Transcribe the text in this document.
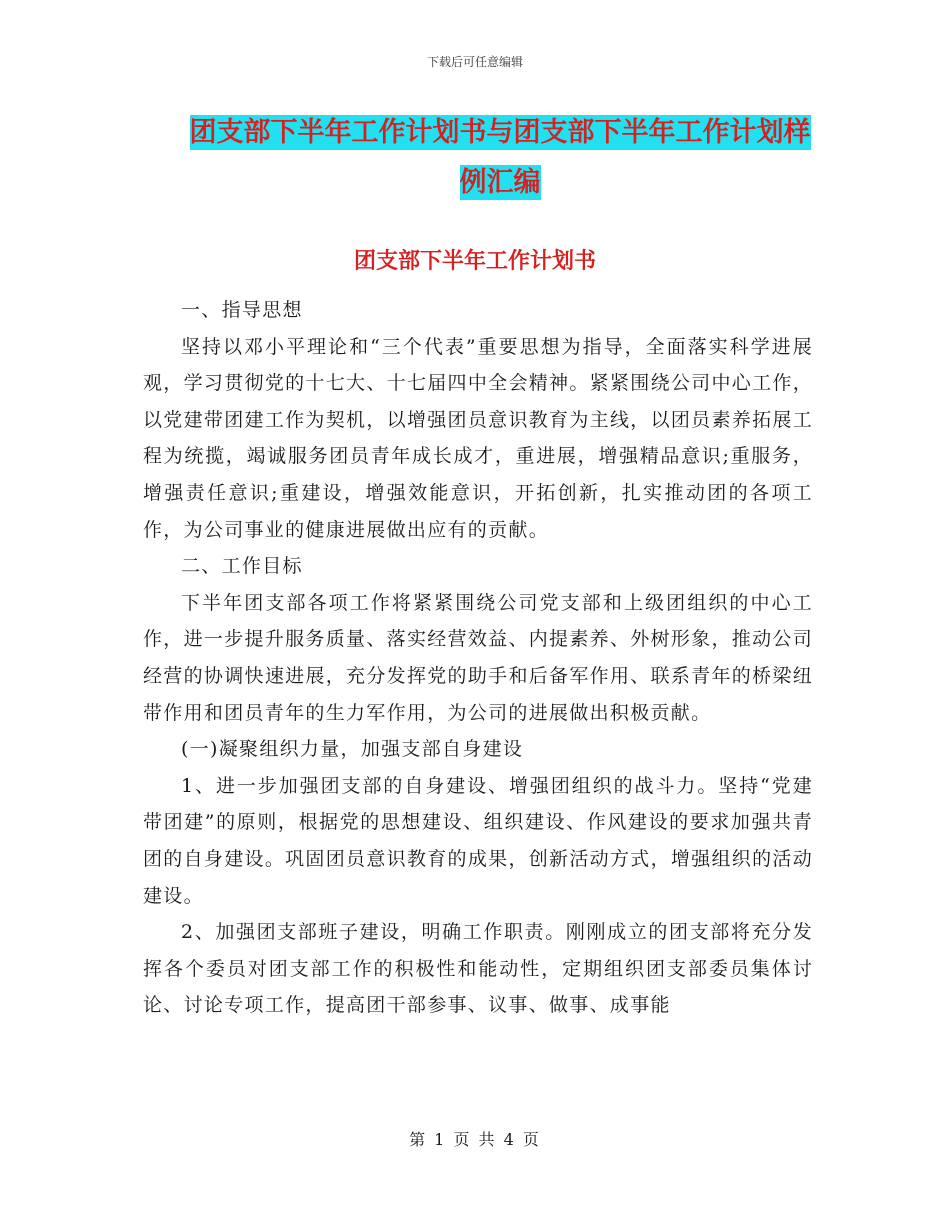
下载后可任意编辑
团支部下半年工作计划书与团支部下半年工作计划样
例汇编
团支部下半年工作计划书

一、指导思想

坚持以邓小平理论和“三个代表”重要思想为指导，全面落实科学进展观，学习贯彻党的十七大、十七届四中全会精神。紧紧围绕公司中心工作，以党建带团建工作为契机，以增强团员意识教育为主线，以团员素养拓展工程为统揽，竭诚服务团员青年成长成才，重进展，增强精品意识;重服务，增强责任意识;重建设，增强效能意识，开拓创新，扎实推动团的各项工作，为公司事业的健康进展做出应有的贡献。

二、工作目标

下半年团支部各项工作将紧紧围绕公司党支部和上级团组织的中心工作，进一步提升服务质量、落实经营效益、内提素养、外树形象，推动公司经营的协调快速进展，充分发挥党的助手和后备军作用、联系青年的桥梁纽带作用和团员青年的生力军作用，为公司的进展做出积极贡献。

(一)凝聚组织力量，加强支部自身建设

1、进一步加强团支部的自身建设、增强团组织的战斗力。坚持“党建带团建”的原则，根据党的思想建设、组织建设、作风建设的要求加强共青团的自身建设。巩固团员意识教育的成果，创新活动方式，增强组织的活动建设。

2、加强团支部班子建设，明确工作职责。刚刚成立的团支部将充分发挥各个委员对团支部工作的积极性和能动性，定期组织团支部委员集体讨论、讨论专项工作，提高团干部参事、议事、做事、成事能

第 1 页 共 4 页
